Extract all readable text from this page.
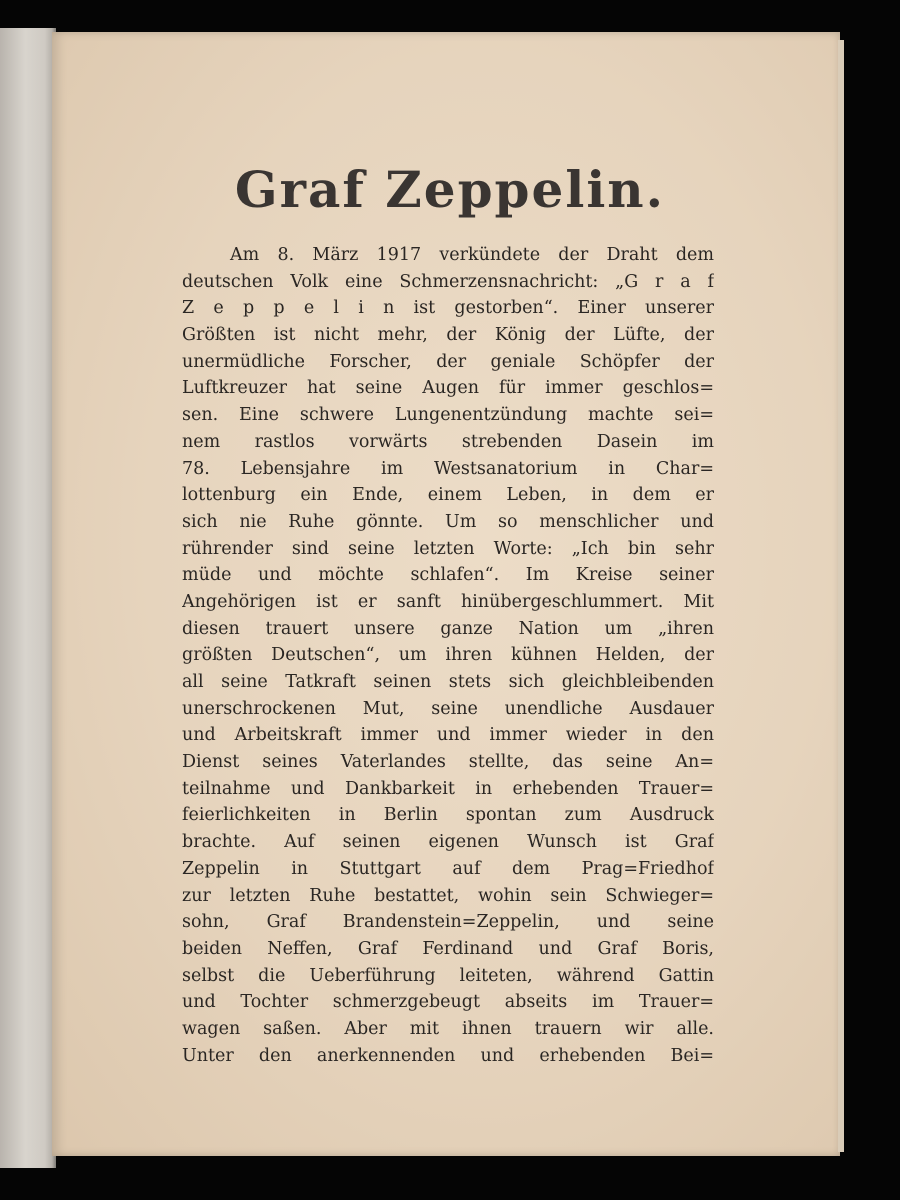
Graf Zeppelin.
Am 8. März 1917 verkündete der Draht dem
deutschen Volk eine Schmerzensnachricht: „G r a f
Z e p p e l i n ist gestorben“. Einer unserer
Größten ist nicht mehr, der König der Lüfte, der
unermüdliche Forscher, der geniale Schöpfer der
Luftkreuzer hat seine Augen für immer geschlos=
sen. Eine schwere Lungenentzündung machte sei=
nem rastlos vorwärts strebenden Dasein im
78. Lebensjahre im Westsanatorium in Char=
lottenburg ein Ende, einem Leben, in dem er
sich nie Ruhe gönnte. Um so menschlicher und
rührender sind seine letzten Worte: „Ich bin sehr
müde und möchte schlafen“. Im Kreise seiner
Angehörigen ist er sanft hinübergeschlummert. Mit
diesen trauert unsere ganze Nation um „ihren
größten Deutschen“, um ihren kühnen Helden, der
all seine Tatkraft seinen stets sich gleichbleibenden
unerschrockenen Mut, seine unendliche Ausdauer
und Arbeitskraft immer und immer wieder in den
Dienst seines Vaterlandes stellte, das seine An=
teilnahme und Dankbarkeit in erhebenden Trauer=
feierlichkeiten in Berlin spontan zum Ausdruck
brachte. Auf seinen eigenen Wunsch ist Graf
Zeppelin in Stuttgart auf dem Prag=Friedhof
zur letzten Ruhe bestattet, wohin sein Schwieger=
sohn, Graf Brandenstein=Zeppelin, und seine
beiden Neffen, Graf Ferdinand und Graf Boris,
selbst die Ueberführung leiteten, während Gattin
und Tochter schmerzgebeugt abseits im Trauer=
wagen saßen. Aber mit ihnen trauern wir alle.
Unter den anerkennenden und erhebenden Bei=
